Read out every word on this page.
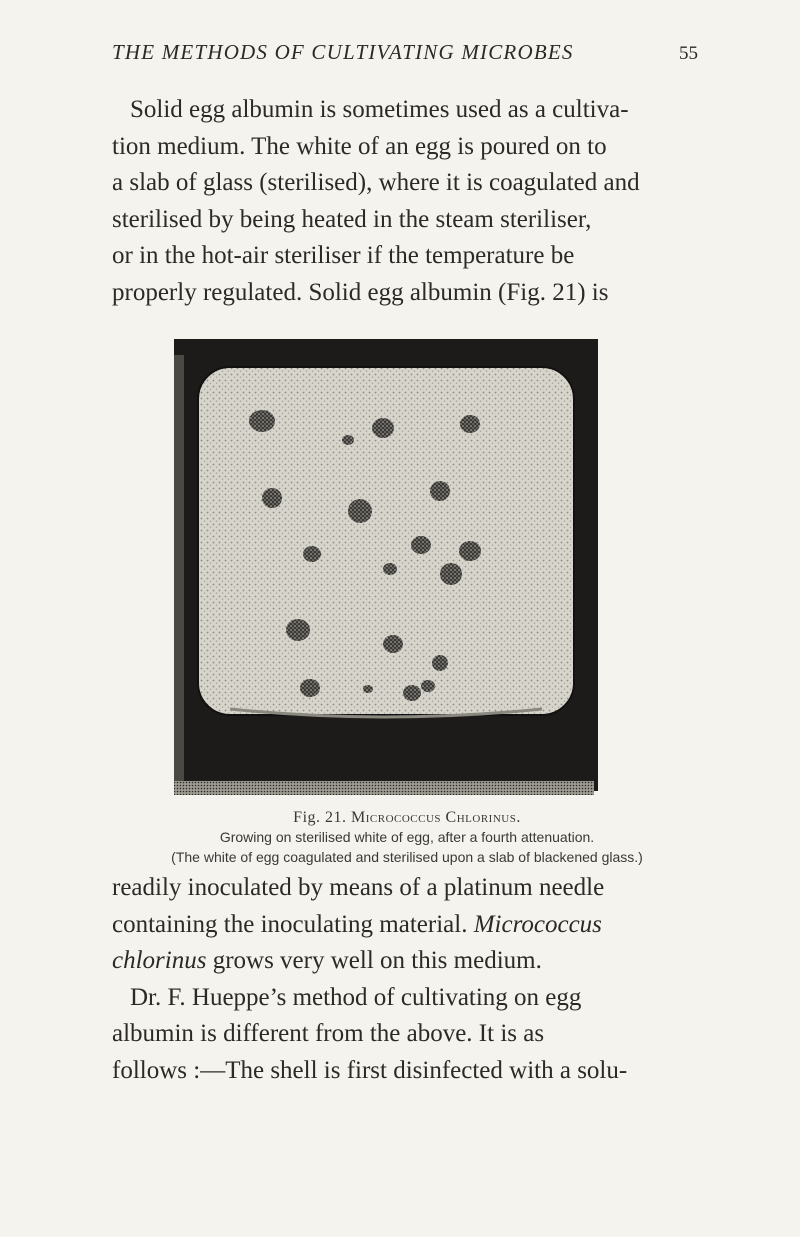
THE METHODS OF CULTIVATING MICROBES	55

Solid egg albumin is sometimes used as a cultiva-
tion medium. The white of an egg is poured on to
a slab of glass (sterilised), where it is coagulated and
sterilised by being heated in the steam steriliser,
or in the hot-air steriliser if the temperature be
properly regulated. Solid egg albumin (Fig. 21) is

Fig. 21. Micrococcus Chlorinus.
Growing on sterilised white of egg, after a fourth attenuation.
(The white of egg coagulated and sterilised upon a slab of blackened glass.)

readily inoculated by means of a platinum needle
containing the inoculating material. Micrococcus
chlorinus grows very well on this medium.
Dr. F. Hueppe’s method of cultivating on egg
albumin is different from the above. It is as
follows :—The shell is first disinfected with a solu-
